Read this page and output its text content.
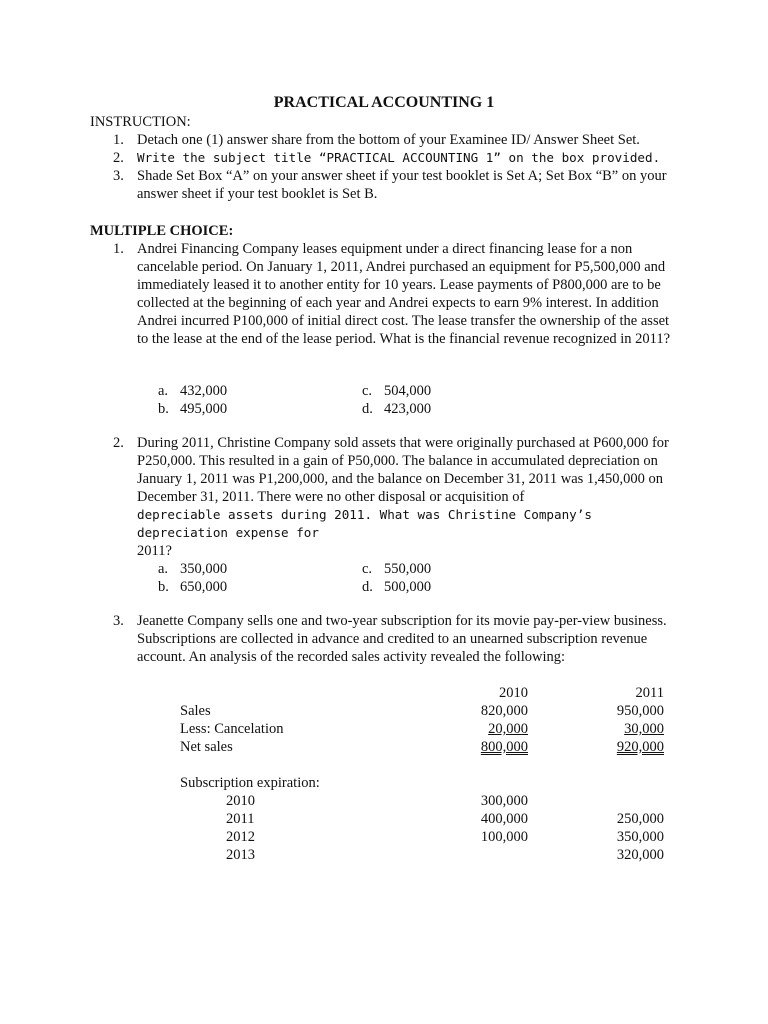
PRACTICAL ACCOUNTING 1
INSTRUCTION:
1. Detach one (1) answer share from the bottom of your Examinee ID/ Answer Sheet Set.
2. Write the subject title “PRACTICAL ACCOUNTING 1” on the box provided.
3. Shade Set Box “A” on your answer sheet if your test booklet is Set A; Set Box “B” on your answer sheet if your test booklet is Set B.
MULTIPLE CHOICE:
1. Andrei Financing Company leases equipment under a direct financing lease for a non cancelable period. On January 1, 2011, Andrei purchased an equipment for P5,500,000 and immediately leased it to another entity for 10 years. Lease payments of P800,000 are to be collected at the beginning of each year and Andrei expects to earn 9% interest. In addition Andrei incurred P100,000 of initial direct cost. The lease transfer the ownership of the asset to the lease at the end of the lease period. What is the financial revenue recognized in 2011?
a. 432,000
b. 495,000
c. 504,000
d. 423,000
2. During 2011, Christine Company sold assets that were originally purchased at P600,000 for P250,000. This resulted in a gain of P50,000. The balance in accumulated depreciation on January 1, 2011 was P1,200,000, and the balance on December 31, 2011 was 1,450,000 on December 31, 2011. There were no other disposal or acquisition of
depreciable assets during 2011. What was Christine Company’s depreciation expense for
2011?
a. 350,000
b. 650,000
c. 550,000
d. 500,000
3. Jeanette Company sells one and two-year subscription for its movie pay-per-view business. Subscriptions are collected in advance and credited to an unearned subscription revenue account. An analysis of the recorded sales activity revealed the following:
	2010	2011
Sales	820,000	950,000
Less: Cancelation	20,000	30,000
Net sales	800,000	920,000

Subscription expiration:		
2010	300,000	
2011	400,000	250,000
2012	100,000	350,000
2013		320,000
